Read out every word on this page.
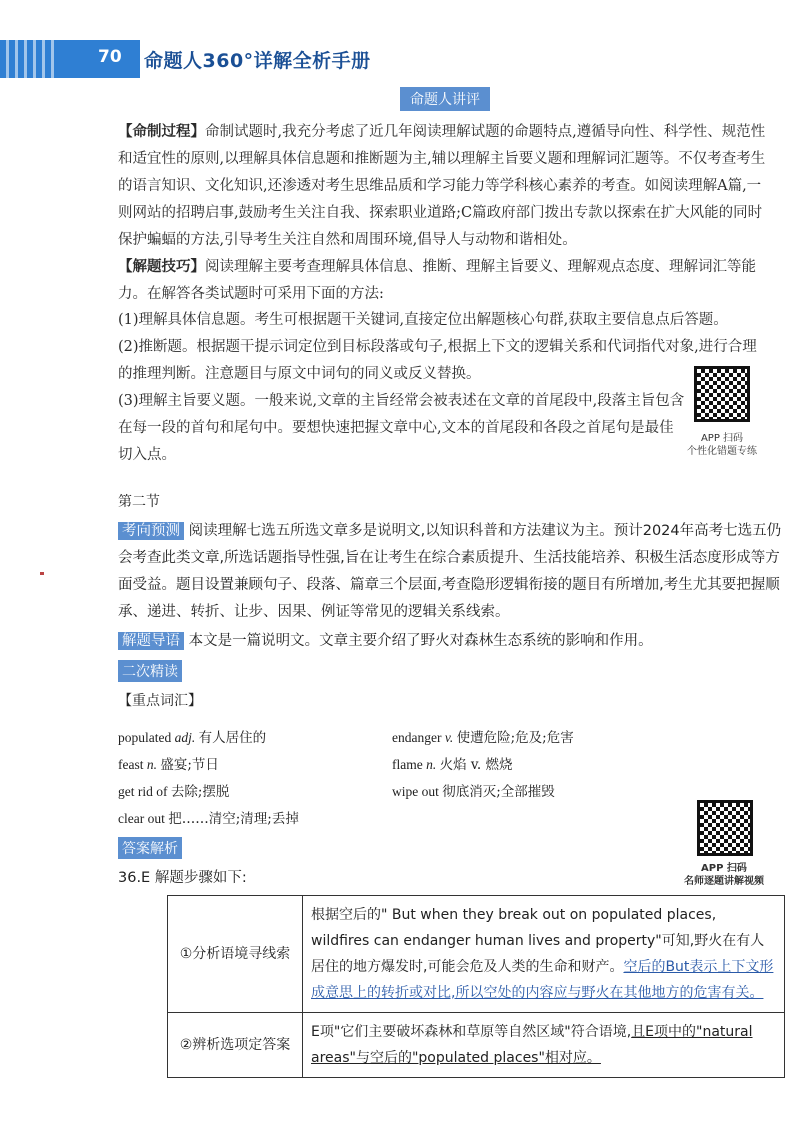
70 命题人360°详解全析手册
命题人讲评
【命制过程】命制试题时,我充分考虑了近几年阅读理解试题的命题特点,遵循导向性、科学性、规范性和适宜性的原则,以理解具体信息题和推断题为主,辅以理解主旨要义题和理解词汇题等。不仅考查考生的语言知识、文化知识,还渗透对考生思维品质和学习能力等学科核心素养的考查。如阅读理解A篇,一则网站的招聘启事,鼓励考生关注自我、探索职业道路;C篇政府部门拨出专款以探索在扩大风能的同时保护蝙蝠的方法,引导考生关注自然和周围环境,倡导人与动物和谐相处。
【解题技巧】阅读理解主要考查理解具体信息、推断、理解主旨要义、理解观点态度、理解词汇等能力。在解答各类试题时可采用下面的方法:
(1)理解具体信息题。考生可根据题干关键词,直接定位出解题核心句群,获取主要信息点后答题。
(2)推断题。根据题干提示词定位到目标段落或句子,根据上下文的逻辑关系和代词指代对象,进行合理的推理判断。注意题目与原文中词句的同义或反义替换。
(3)理解主旨要义题。一般来说,文章的主旨经常会被表述在文章的首尾段中,段落主旨包含在每一段的首句和尾句中。要想快速把握文章中心,文本的首尾段和各段之首尾句是最佳切入点。
APP 扫码
个性化错题专练
第二节
考向预测 阅读理解七选五所选文章多是说明文,以知识科普和方法建议为主。预计2024年高考七选五仍会考查此类文章,所选话题指导性强,旨在让考生在综合素质提升、生活技能培养、积极生活态度形成等方面受益。题目设置兼顾句子、段落、篇章三个层面,考查隐形逻辑衔接的题目有所增加,考生尤其要把握顺承、递进、转折、让步、因果、例证等常见的逻辑关系线索。
解题导语 本文是一篇说明文。文章主要介绍了野火对森林生态系统的影响和作用。
二次精读
【重点词汇】
populated adj. 有人居住的	endanger v. 使遭危险;危及;危害
feast n. 盛宴;节日	flame n. 火焰 v. 燃烧
get rid of 去除;摆脱	wipe out 彻底消灭;全部摧毁
clear out 把……清空;清理;丢掉
APP 扫码
名师逐题讲解视频
答案解析
36.E 解题步骤如下:
①分析语境寻线索	根据空后的" But when they break out on populated places, wildfires can endanger human lives and property"可知,野火在有人居住的地方爆发时,可能会危及人类的生命和财产。空后的But表示上下文形成意思上的转折或对比,所以空处的内容应与野火在其他地方的危害有关。
②辨析选项定答案	E项"它们主要破坏森林和草原等自然区域"符合语境,且E项中的"natural areas"与空后的"populated places"相对应。
